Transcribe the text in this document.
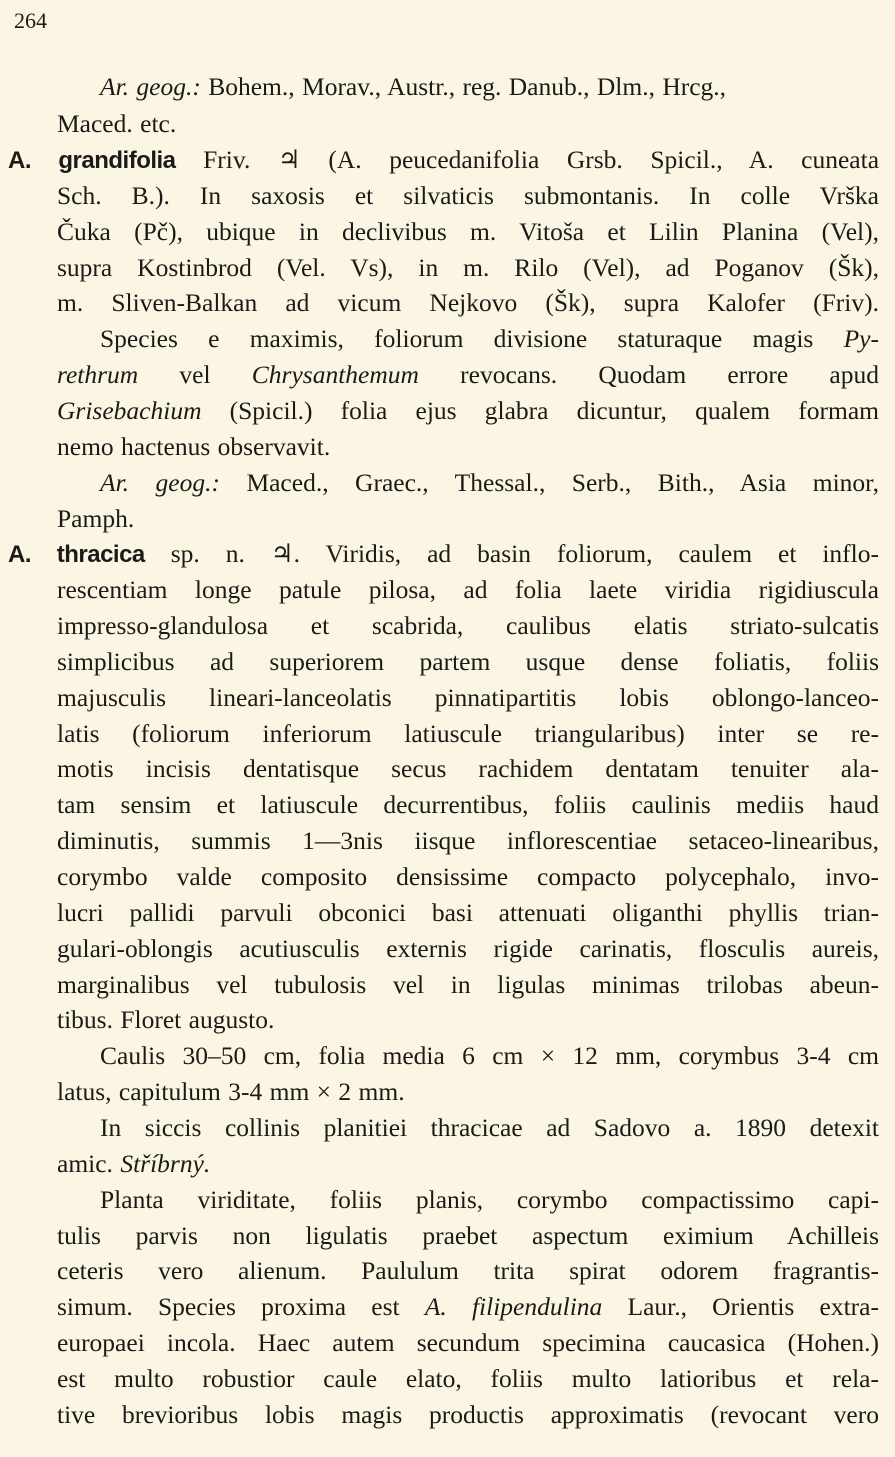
264
Ar. geog.: Bohem., Morav., Austr., reg. Danub., Dlm., Hrcg.,
Maced. etc.
A. grandifolia Friv. ♃ (A. peucedanifolia Grsb. Spicil., A. cuneata
Sch. B.). In saxosis et silvaticis submontanis. In colle Vrška
Čuka (Pč), ubique in declivibus m. Vitoša et Lilin Planina (Vel),
supra Kostinbrod (Vel. Vs), in m. Rilo (Vel), ad Poganov (Šk),
m. Sliven-Balkan ad vicum Nejkovo (Šk), supra Kalofer (Friv).
Species e maximis, foliorum divisione staturaque magis Py-
rethrum vel Chrysanthemum revocans. Quodam errore apud
Grisebachium (Spicil.) folia ejus glabra dicuntur, qualem formam
nemo hactenus observavit.
Ar. geog.: Maced., Graec., Thessal., Serb., Bith., Asia minor,
Pamph.
A. thracica sp. n. ♃. Viridis, ad basin foliorum, caulem et inflo-
rescentiam longe patule pilosa, ad folia laete viridia rigidiuscula
impresso-glandulosa et scabrida, caulibus elatis striato-sulcatis
simplicibus ad superiorem partem usque dense foliatis, foliis
majusculis lineari-lanceolatis pinnatipartitis lobis oblongo-lanceo-
latis (foliorum inferiorum latiuscule triangularibus) inter se re-
motis incisis dentatisque secus rachidem dentatam tenuiter ala-
tam sensim et latiuscule decurrentibus, foliis caulinis mediis haud
diminutis, summis 1—3nis iisque inflorescentiae setaceo-linearibus,
corymbo valde composito densissime compacto polycephalo, invo-
lucri pallidi parvuli obconici basi attenuati oliganthi phyllis trian-
gulari-oblongis acutiusculis externis rigide carinatis, flosculis aureis,
marginalibus vel tubulosis vel in ligulas minimas trilobas abeun-
tibus. Floret augusto.
Caulis 30–50 cm, folia media 6 cm × 12 mm, corymbus 3-4 cm
latus, capitulum 3-4 mm × 2 mm.
In siccis collinis planitiei thracicae ad Sadovo a. 1890 detexit
amic. Stříbrný.
Planta viriditate, foliis planis, corymbo compactissimo capi-
tulis parvis non ligulatis praebet aspectum eximium Achilleis
ceteris vero alienum. Paululum trita spirat odorem fragrantis-
simum. Species proxima est A. filipendulina Laur., Orientis extra-
europaei incola. Haec autem secundum specimina caucasica (Hohen.)
est multo robustior caule elato, foliis multo latioribus et rela-
tive brevioribus lobis magis productis approximatis (revocant vero
